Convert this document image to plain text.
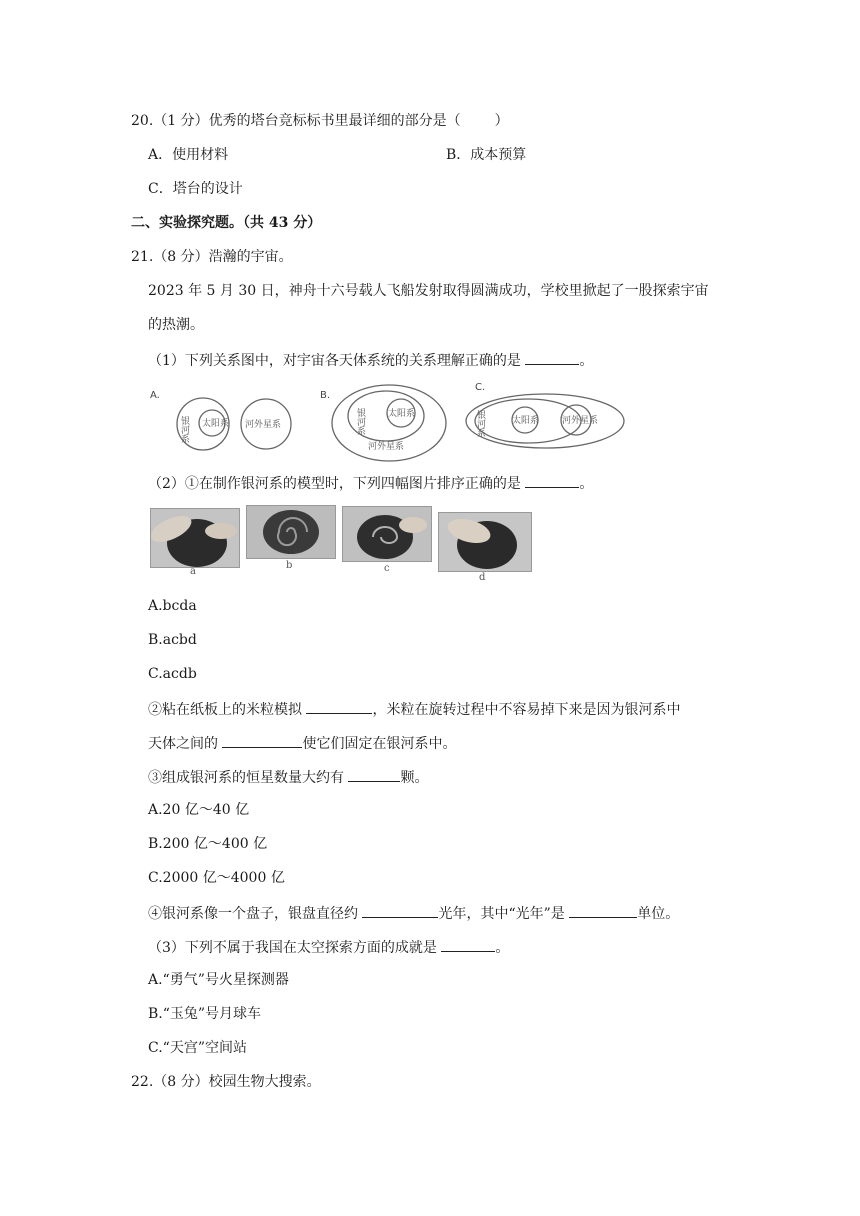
20.（1 分）优秀的塔台竞标标书里最详细的部分是（ ）
A．使用材料	B．成本预算
C．塔台的设计
二、实验探究题。（共 43 分）
21.（8 分）浩瀚的宇宙。
2023 年 5 月 30 日，神舟十六号载人飞船发射取得圆满成功，学校里掀起了一股探索宇宙
的热潮。
（1）下列关系图中，对宇宙各天体系统的关系理解正确的是	。
A.	B.
C.
银河系 太阳系 河外星系	银河系	太阳系
河外星系
银河系	太阳系	河外星系
（2）①在制作银河系的模型时，下列四幅图片排序正确的是	。
a
b	c
d
A.bcda
B.acbd
C.acdb
②粘在纸板上的米粒模拟	，米粒在旋转过程中不容易掉下来是因为银河系中
天体之间的	使它们固定在银河系中。
③组成银河系的恒星数量大约有	颗。
A.20 亿～40 亿
B.200 亿～400 亿
C.2000 亿～4000 亿
④银河系像一个盘子，银盘直径约	光年，其中“光年”是	单位。
（3）下列不属于我国在太空探索方面的成就是	。
A.“勇气”号火星探测器
B.“玉兔”号月球车
C.“天宫”空间站
22.（8 分）校园生物大搜索。
